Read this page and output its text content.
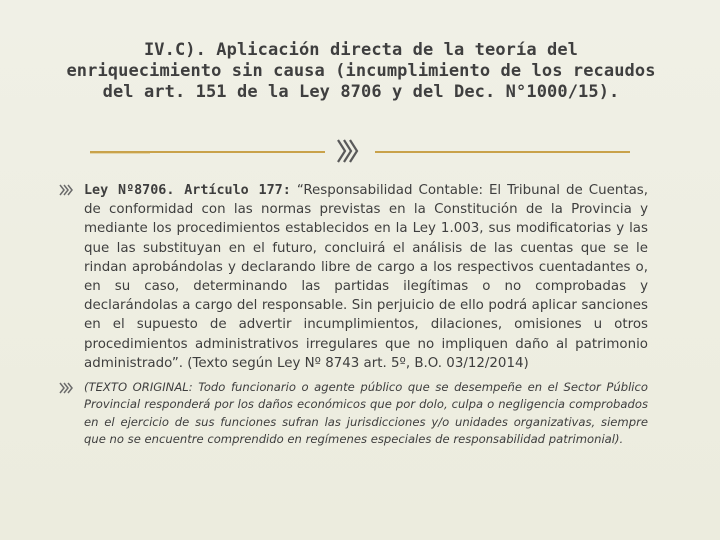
IV.C). Aplicación directa de la teoría del enriquecimiento sin causa (incumplimiento de los recaudos del art. 151 de la Ley 8706 y del Dec. N°1000/15).
Ley Nº8706. Artículo 177: “Responsabilidad Contable: El Tribunal de Cuentas, de conformidad con las normas previstas en la Constitución de la Provincia y mediante los procedimientos establecidos en la Ley 1.003, sus modificatorias y las que las substituyan en el futuro, concluirá el análisis de las cuentas que se le rindan aprobándolas y declarando libre de cargo a los respectivos cuentadantes o, en su caso, determinando las partidas ilegítimas o no comprobadas y declarándolas a cargo del responsable. Sin perjuicio de ello podrá aplicar sanciones en el supuesto de advertir incumplimientos, dilaciones, omisiones u otros procedimientos administrativos irregulares que no impliquen daño al patrimonio administrado”. (Texto según Ley Nº 8743 art. 5º, B.O. 03/12/2014)
(TEXTO ORIGINAL: Todo funcionario o agente público que se desempeñe en el Sector Público Provincial responderá por los daños económicos que por dolo, culpa o negligencia comprobados en el ejercicio de sus funciones sufran las jurisdicciones y/o unidades organizativas, siempre que no se encuentre comprendido en regímenes especiales de responsabilidad patrimonial).
